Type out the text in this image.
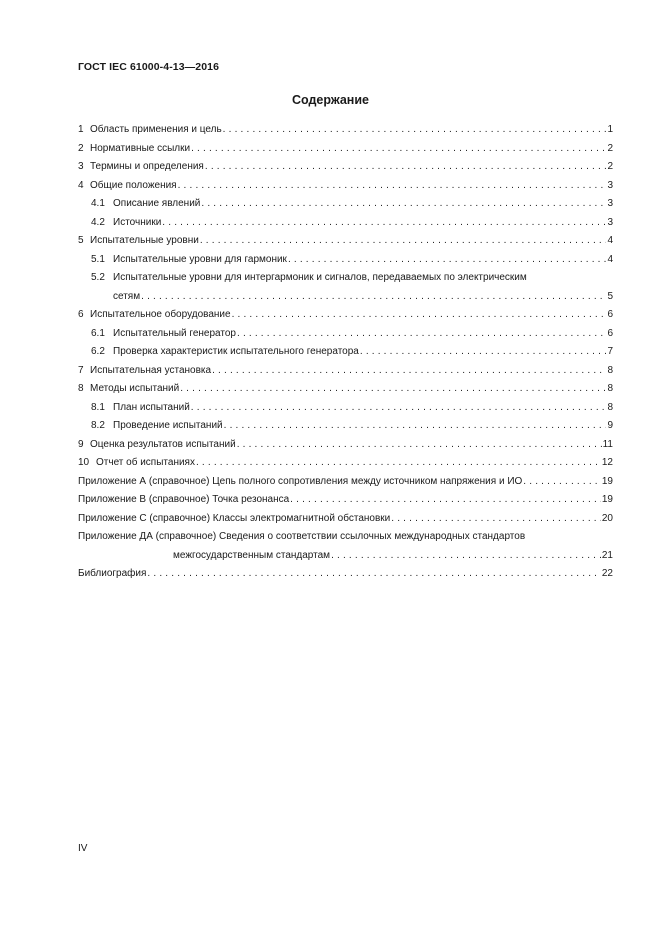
ГОСТ IEC 61000-4-13—2016
Содержание
1 Область применения и цель . . .	1
2 Нормативные ссылки . . .	2
3 Термины и определения . . .	2
4 Общие положения . . .	3
4.1 Описание явлений . . .	3
4.2 Источники . . .	3
5 Испытательные уровни . . .	4
5.1 Испытательные уровни для гармоник . . .	4
5.2 Испытательные уровни для интергармоник и сигналов, передаваемых по электрическим
сетям . . .	5
6 Испытательное оборудование . . .	6
6.1 Испытательный генератор . . .	6
6.2 Проверка характеристик испытательного генератора . . .	7
7 Испытательная установка . . .	8
8 Методы испытаний . . .	8
8.1 План испытаний . . .	8
8.2 Проведение испытаний . . .	9
9 Оценка результатов испытаний . . .	11
10 Отчет об испытаниях . . .	12
Приложение А (справочное) Цепь полного сопротивления между источником напряжения и ИО . . .	19
Приложение В (справочное) Точка резонанса . . .	19
Приложение С (справочное) Классы электромагнитной обстановки . . .	20
Приложение ДА (справочное) Сведения о соответствии ссылочных международных стандартов
межгосударственным стандартам . . .	21
Библиография . . .	22
IV
